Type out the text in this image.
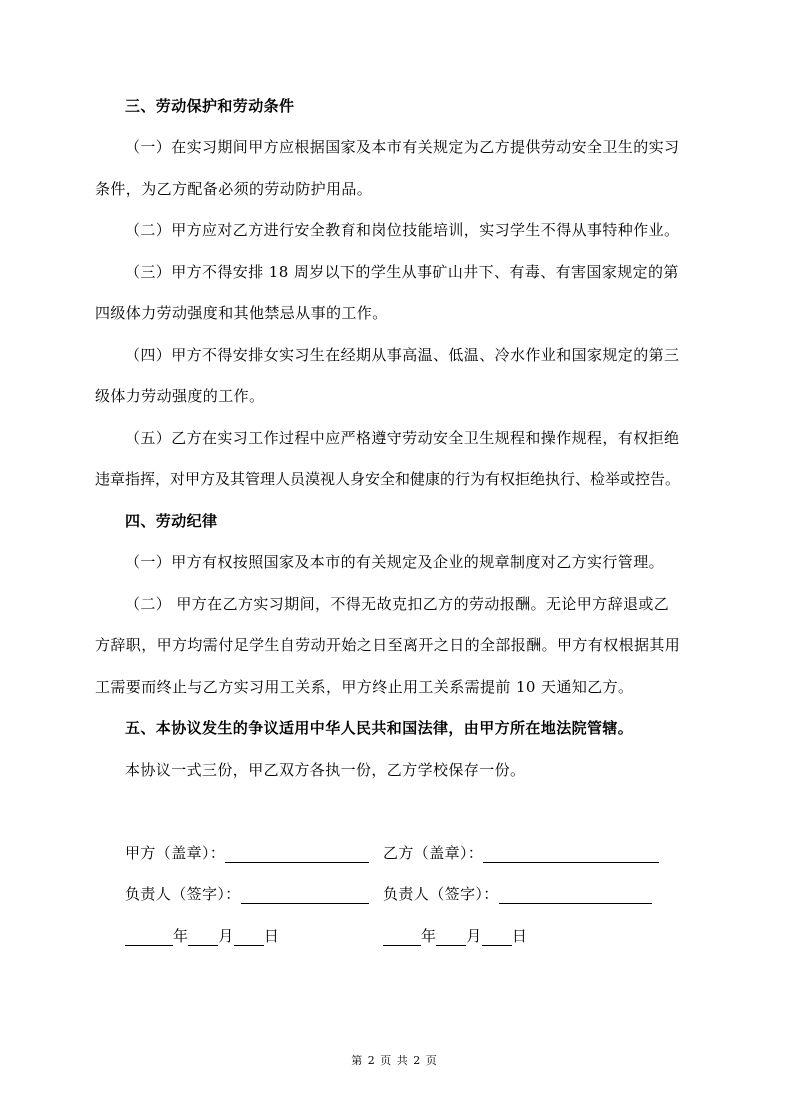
三、劳动保护和劳动条件
（一）在实习期间甲方应根据国家及本市有关规定为乙方提供劳动安全卫生的实习
条件，为乙方配备必须的劳动防护用品。
（二）甲方应对乙方进行安全教育和岗位技能培训，实习学生不得从事特种作业。
（三）甲方不得安排 18 周岁以下的学生从事矿山井下、有毒、有害国家规定的第
四级体力劳动强度和其他禁忌从事的工作。
（四）甲方不得安排女实习生在经期从事高温、低温、冷水作业和国家规定的第三
级体力劳动强度的工作。
（五）乙方在实习工作过程中应严格遵守劳动安全卫生规程和操作规程，有权拒绝
违章指挥，对甲方及其管理人员漠视人身安全和健康的行为有权拒绝执行、检举或控告。
四、劳动纪律
（一）甲方有权按照国家及本市的有关规定及企业的规章制度对乙方实行管理。
（二） 甲方在乙方实习期间，不得无故克扣乙方的劳动报酬。无论甲方辞退或乙
方辞职，甲方均需付足学生自劳动开始之日至离开之日的全部报酬。甲方有权根据其用
工需要而终止与乙方实习用工关系，甲方终止用工关系需提前 10 天通知乙方。
五、本协议发生的争议适用中华人民共和国法律，由甲方所在地法院管辖。
本协议一式三份，甲乙双方各执一份，乙方学校保存一份。
甲方（盖章）：	乙方（盖章）：
负责人（签字）：	负责人（签字）：
年 月 日	年 月 日
第 2 页 共 2 页
